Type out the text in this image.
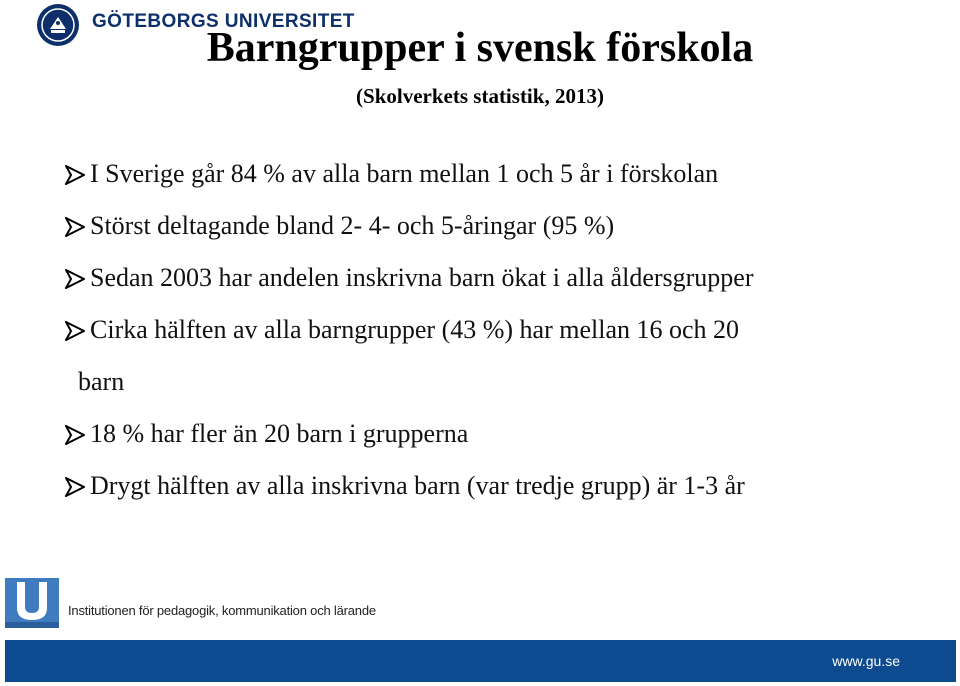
GÖTEBORGS UNIVERSITET
Barngrupper i svensk förskola
(Skolverkets statistik, 2013)
I Sverige går 84 % av alla barn mellan 1 och 5 år i förskolan
Störst deltagande bland 2- 4- och 5-åringar (95 %)
Sedan 2003 har andelen inskrivna barn ökat i alla åldersgrupper
Cirka hälften av alla barngrupper (43 %) har mellan 16 och 20
barn
18 % har fler än 20 barn i grupperna
Drygt hälften av alla inskrivna barn (var tredje grupp) är 1-3 år
Institutionen för pedagogik, kommunikation och lärande
www.gu.se
